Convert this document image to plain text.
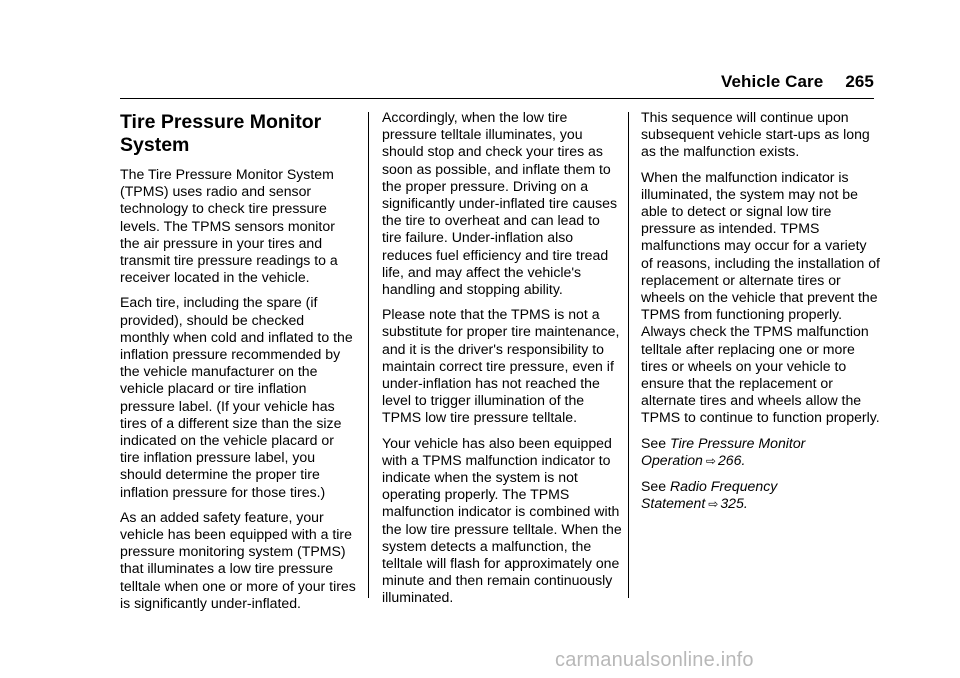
Vehicle Care 265
Tire Pressure Monitor System

The Tire Pressure Monitor System (TPMS) uses radio and sensor technology to check tire pressure levels. The TPMS sensors monitor the air pressure in your tires and transmit tire pressure readings to a receiver located in the vehicle.

Each tire, including the spare (if provided), should be checked monthly when cold and inflated to the inflation pressure recommended by the vehicle manufacturer on the vehicle placard or tire inflation pressure label. (If your vehicle has tires of a different size than the size indicated on the vehicle placard or tire inflation pressure label, you should determine the proper tire inflation pressure for those tires.)

As an added safety feature, your vehicle has been equipped with a tire pressure monitoring system (TPMS) that illuminates a low tire pressure telltale when one or more of your tires is significantly under-inflated.

Accordingly, when the low tire pressure telltale illuminates, you should stop and check your tires as soon as possible, and inflate them to the proper pressure. Driving on a significantly under-inflated tire causes the tire to overheat and can lead to tire failure. Under-inflation also reduces fuel efficiency and tire tread life, and may affect the vehicle's handling and stopping ability.

Please note that the TPMS is not a substitute for proper tire maintenance, and it is the driver's responsibility to maintain correct tire pressure, even if under-inflation has not reached the level to trigger illumination of the TPMS low tire pressure telltale.

Your vehicle has also been equipped with a TPMS malfunction indicator to indicate when the system is not operating properly. The TPMS malfunction indicator is combined with the low tire pressure telltale. When the system detects a malfunction, the telltale will flash for approximately one minute and then remain continuously illuminated.

This sequence will continue upon subsequent vehicle start-ups as long as the malfunction exists.

When the malfunction indicator is illuminated, the system may not be able to detect or signal low tire pressure as intended. TPMS malfunctions may occur for a variety of reasons, including the installation of replacement or alternate tires or wheels on the vehicle that prevent the TPMS from functioning properly. Always check the TPMS malfunction telltale after replacing one or more tires or wheels on your vehicle to ensure that the replacement or alternate tires and wheels allow the TPMS to continue to function properly.

See Tire Pressure Monitor Operation ⇨ 266.

See Radio Frequency Statement ⇨ 325.

carmanualsonline.info
